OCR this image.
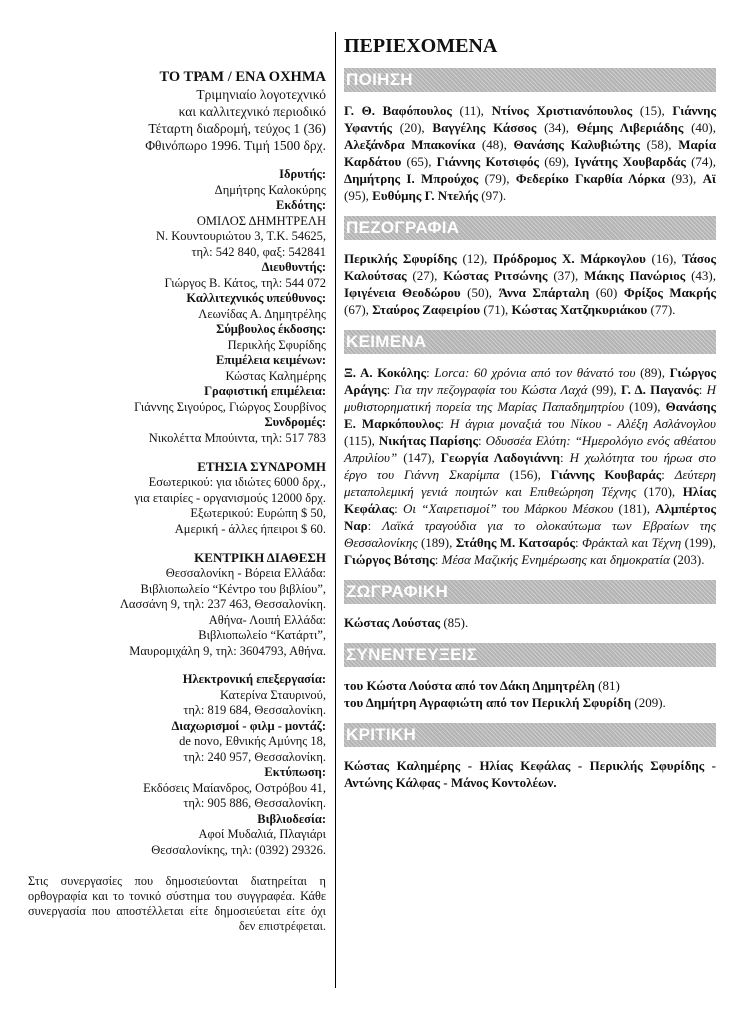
ΤΟ ΤΡΑΜ / ΕΝΑ ΟΧΗΜΑ
Τριμηνιαίο λογοτεχνικό
και καλλιτεχνικό περιοδικό
Τέταρτη διαδρομή, τεύχος 1 (36)
Φθινόπωρο 1996. Τιμή 1500 δρχ.
Ιδρυτής:
Δημήτρης Καλοκύρης
Εκδότης:
ΟΜΙΛΟΣ ΔΗΜΗΤΡΕΛΗ
Ν. Κουντουριώτου 3, Τ.Κ. 54625,
τηλ: 542 840, φαξ: 542841
Διευθυντής:
Γιώργος Β. Κάτος, τηλ: 544 072
Καλλιτεχνικός υπεύθυνος:
Λεωνίδας Α. Δημητρέλης
Σύμβουλος έκδοσης:
Περικλής Σφυρίδης
Επιμέλεια κειμένων:
Κώστας Καλημέρης
Γραφιστική επιμέλεια:
Γιάννης Σιγούρος, Γιώργος Σουρβίνος
Συνδρομές:
Νικολέττα Μπούιντα, τηλ: 517 783
ΕΤΗΣΙΑ ΣΥΝΔΡΟΜΗ
Εσωτερικού: για ιδιώτες 6000 δρχ.,
για εταιρίες - οργανισμούς 12000 δρχ.
Εξωτερικού: Ευρώπη $ 50,
Αμερική - άλλες ήπειροι $ 60.
ΚΕΝΤΡΙΚΗ ΔΙΑΘΕΣΗ
Θεσσαλονίκη - Βόρεια Ελλάδα:
Βιβλιοπωλείο “Κέντρο του βιβλίου”,
Λασσάνη 9, τηλ: 237 463, Θεσσαλονίκη.
Αθήνα- Λοιπή Ελλάδα:
Βιβλιοπωλείο “Κατάρτι”,
Μαυρομιχάλη 9, τηλ: 3604793, Αθήνα.
Ηλεκτρονική επεξεργασία:
Κατερίνα Σταυρινού,
τηλ: 819 684, Θεσσαλονίκη.
Διαχωρισμοί - φιλμ - μοντάζ:
de novo, Εθνικής Αμύνης 18,
τηλ: 240 957, Θεσσαλονίκη.
Εκτύπωση:
Εκδόσεις Μαίανδρος, Οστρόβου 41,
τηλ: 905 886, Θεσσαλονίκη.
Βιβλιοδεσία:
Αφοί Μυδαλιά, Πλαγιάρι
Θεσσαλονίκης, τηλ: (0392) 29326.
Στις συνεργασίες που δημοσιεύονται διατηρείται η ορθογραφία και το τονικό σύστημα του συγγραφέα. Κάθε συνεργασία που αποστέλλεται είτε δημοσιεύεται είτε όχι δεν επιστρέφεται.
ΠΕΡΙΕΧΟΜΕΝΑ
ΠΟΙΗΣΗ
Γ. Θ. Βαφόπουλος (11), Ντίνος Χριστιανόπουλος (15), Γιάννης Υφαντής (20), Βαγγέλης Κάσσος (34), Θέμης Λιβεριάδης (40), Αλεξάνδρα Μπακονίκα (48), Θανάσης Καλυβιώτης (58), Μαρία Καρδάτου (65), Γιάννης Κοτσιφός (69), Ιγνάτης Χουβαρδάς (74), Δημήτρης Ι. Μπρούχος (79), Φεδερίκο Γκαρθία Λόρκα (93), Αϊ (95), Ευθύμης Γ. Ντελής (97).
ΠΕΖΟΓΡΑΦΙΑ
Περικλής Σφυρίδης (12), Πρόδρομος Χ. Μάρκογλου (16), Τάσος Καλούτσας (27), Κώστας Ριτσώνης (37), Μάκης Πανώριος (43), Ιφιγένεια Θεοδώρου (50), Άννα Σπάρταλη (60) Φρίξος Μακρής (67), Σταύρος Ζαφειρίου (71), Κώστας Χατζηκυριάκου (77).
ΚΕΙΜΕΝΑ
Ξ. Α. Κοκόλης: Lorca: 60 χρόνια από τον θάνατό του (89), Γιώργος Αράγης: Για την πεζογραφία του Κώστα Λαχά (99), Γ. Δ. Παγανός: Η μυθιστορηματική πορεία της Μαρίας Παπαδημητρίου (109), Θανάσης Ε. Μαρκόπουλος: Η άγρια μοναξιά του Νίκου - Αλέξη Ασλάνογλου (115), Νικήτας Παρίσης: Οδυσσέα Ελύτη: “Ημερολόγιο ενός αθέατου Απριλίου” (147), Γεωργία Λαδογιάννη: Η χωλότητα του ήρωα στο έργο του Γιάννη Σκαρίμπα (156), Γιάννης Κουβαράς: Δεύτερη μεταπολεμική γενιά ποιητών και Επιθεώρηση Τέχνης (170), Ηλίας Κεφάλας: Οι “Χαιρετισμοί” του Μάρκου Μέσκου (181), Αλμπέρτος Ναρ: Λαϊκά τραγούδια για το ολοκαύτωμα των Εβραίων της Θεσσαλονίκης (189), Στάθης Μ. Κατσαρός: Φράκταλ και Τέχνη (199), Γιώργος Βότσης: Μέσα Μαζικής Ενημέρωσης και δημοκρατία (203).
ΖΩΓΡΑΦΙΚΗ
Κώστας Λούστας (85).
ΣΥΝΕΝΤΕΥΞΕΙΣ
του Κώστα Λούστα από τον Δάκη Δημητρέλη (81)
του Δημήτρη Αγραφιώτη από τον Περικλή Σφυρίδη (209).
ΚΡΙΤΙΚΗ
Κώστας Καλημέρης - Ηλίας Κεφάλας - Περικλής Σφυρίδης - Αντώνης Κάλφας - Μάνος Κοντολέων.
